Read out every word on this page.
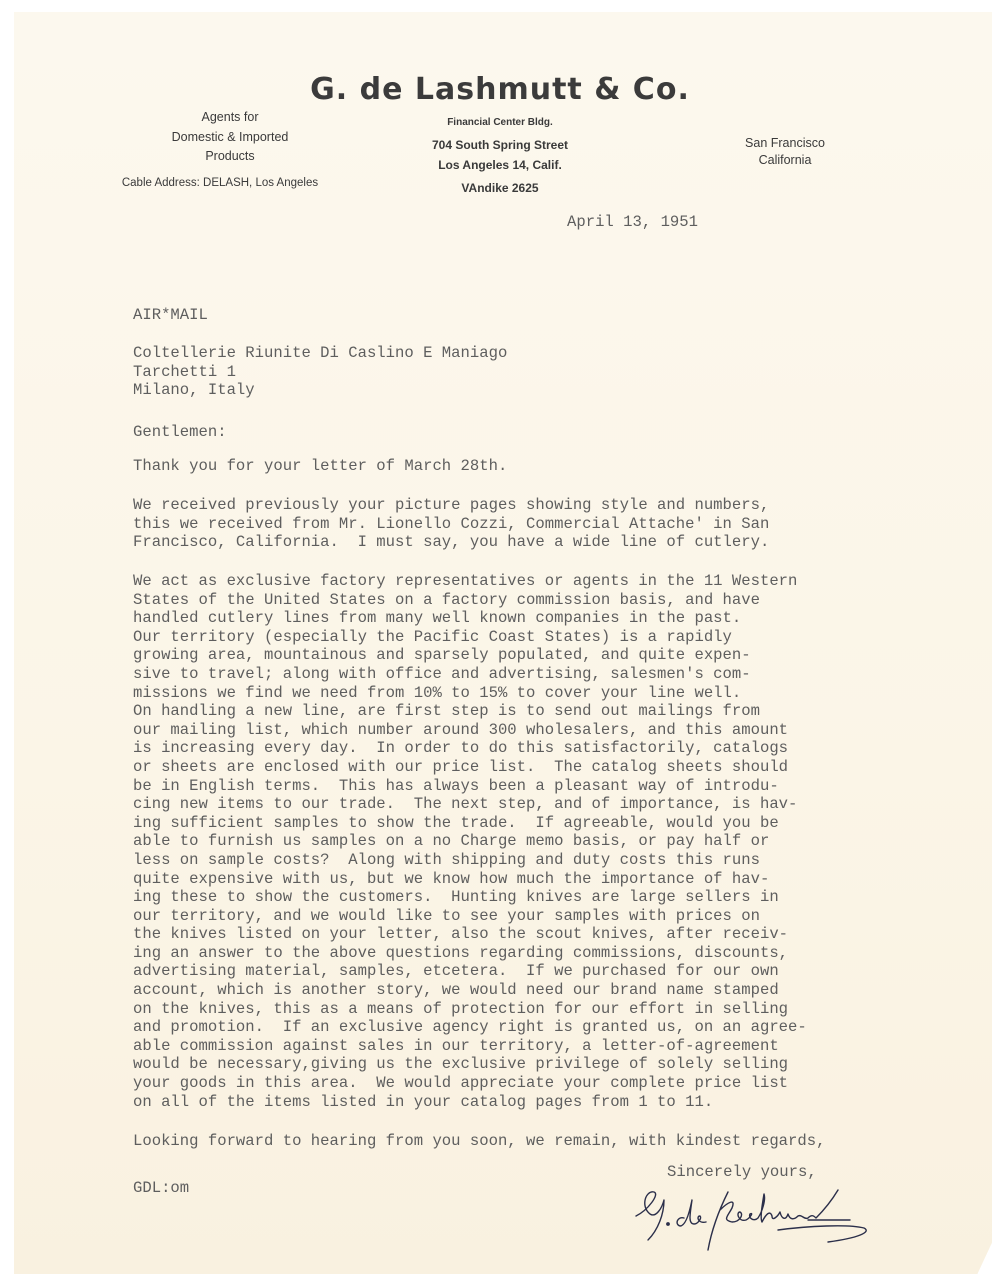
G. de Lashmutt & Co.
Agents for
Domestic & Imported
Products
Cable Address: DELASH, Los Angeles
Financial Center Bldg.
704 South Spring Street
Los Angeles 14, Calif.
VAndike 2625
San Francisco
California
April 13, 1951
AIR*MAIL
Coltellerie Riunite Di Caslino E Maniago
Tarchetti 1
Milano, Italy
Gentlemen:
Thank you for your letter of March 28th.
We received previously your picture pages showing style and numbers,
this we received from Mr. Lionello Cozzi, Commercial Attache' in San
Francisco, California.  I must say, you have a wide line of cutlery.
We act as exclusive factory representatives or agents in the 11 Western
States of the United States on a factory commission basis, and have
handled cutlery lines from many well known companies in the past.
Our territory (especially the Pacific Coast States) is a rapidly
growing area, mountainous and sparsely populated, and quite expen-
sive to travel; along with office and advertising, salesmen's com-
missions we find we need from 10% to 15% to cover your line well.
On handling a new line, are first step is to send out mailings from
our mailing list, which number around 300 wholesalers, and this amount
is increasing every day.  In order to do this satisfactorily, catalogs
or sheets are enclosed with our price list.  The catalog sheets should
be in English terms.  This has always been a pleasant way of introdu-
cing new items to our trade.  The next step, and of importance, is hav-
ing sufficient samples to show the trade.  If agreeable, would you be
able to furnish us samples on a no Charge memo basis, or pay half or
less on sample costs?  Along with shipping and duty costs this runs
quite expensive with us, but we know how much the importance of hav-
ing these to show the customers.  Hunting knives are large sellers in
our territory, and we would like to see your samples with prices on
the knives listed on your letter, also the scout knives, after receiv-
ing an answer to the above questions regarding commissions, discounts,
advertising material, samples, etcetera.  If we purchased for our own
account, which is another story, we would need our brand name stamped
on the knives, this as a means of protection for our effort in selling
and promotion.  If an exclusive agency right is granted us, on an agree-
able commission against sales in our territory, a letter-of-agreement
would be necessary,giving us the exclusive privilege of solely selling
your goods in this area.  We would appreciate your complete price list
on all of the items listed in your catalog pages from 1 to 11.
Looking forward to hearing from you soon, we remain, with kindest regards,
Sincerely yours,
GDL:om
